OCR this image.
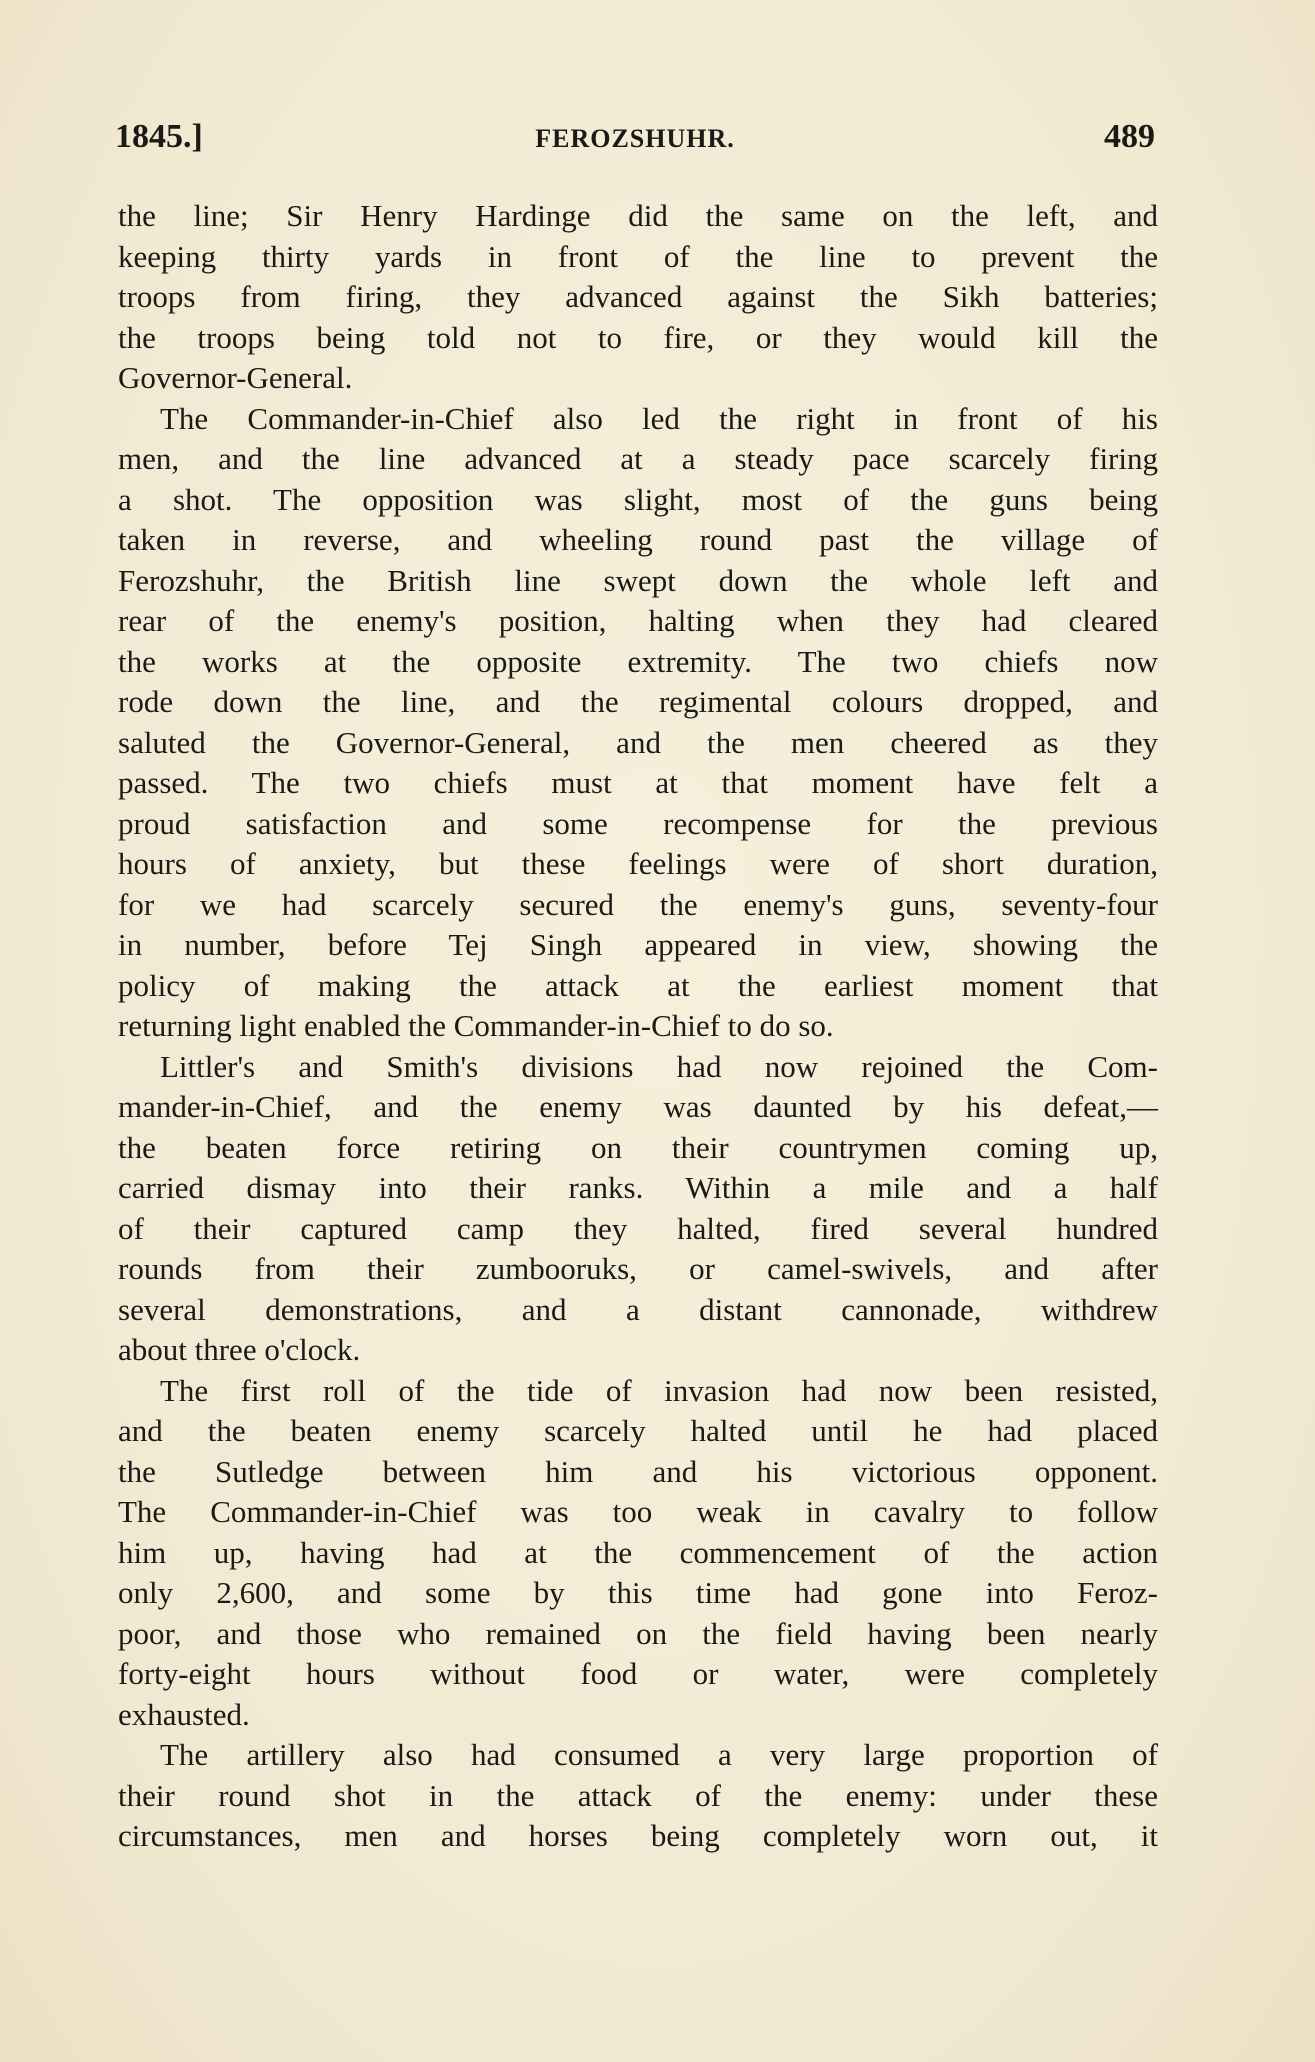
1845.]	FEROZSHUHR.	489
the line; Sir Henry Hardinge did the same on the left, and
keeping thirty yards in front of the line to prevent the
troops from firing, they advanced against the Sikh batteries;
the troops being told not to fire, or they would kill the
Governor-General.
The Commander-in-Chief also led the right in front of his
men, and the line advanced at a steady pace scarcely firing
a shot. The opposition was slight, most of the guns being
taken in reverse, and wheeling round past the village of
Ferozshuhr, the British line swept down the whole left and
rear of the enemy's position, halting when they had cleared
the works at the opposite extremity. The two chiefs now
rode down the line, and the regimental colours dropped, and
saluted the Governor-General, and the men cheered as they
passed. The two chiefs must at that moment have felt a
proud satisfaction and some recompense for the previous
hours of anxiety, but these feelings were of short duration,
for we had scarcely secured the enemy's guns, seventy-four
in number, before Tej Singh appeared in view, showing the
policy of making the attack at the earliest moment that
returning light enabled the Commander-in-Chief to do so.
Littler's and Smith's divisions had now rejoined the Com-
mander-in-Chief, and the enemy was daunted by his defeat,—
the beaten force retiring on their countrymen coming up,
carried dismay into their ranks. Within a mile and a half
of their captured camp they halted, fired several hundred
rounds from their zumbooruks, or camel-swivels, and after
several demonstrations, and a distant cannonade, withdrew
about three o'clock.
The first roll of the tide of invasion had now been resisted,
and the beaten enemy scarcely halted until he had placed
the Sutledge between him and his victorious opponent.
The Commander-in-Chief was too weak in cavalry to follow
him up, having had at the commencement of the action
only 2,600, and some by this time had gone into Feroz-
poor, and those who remained on the field having been nearly
forty-eight hours without food or water, were completely
exhausted.
The artillery also had consumed a very large proportion of
their round shot in the attack of the enemy: under these
circumstances, men and horses being completely worn out, it
